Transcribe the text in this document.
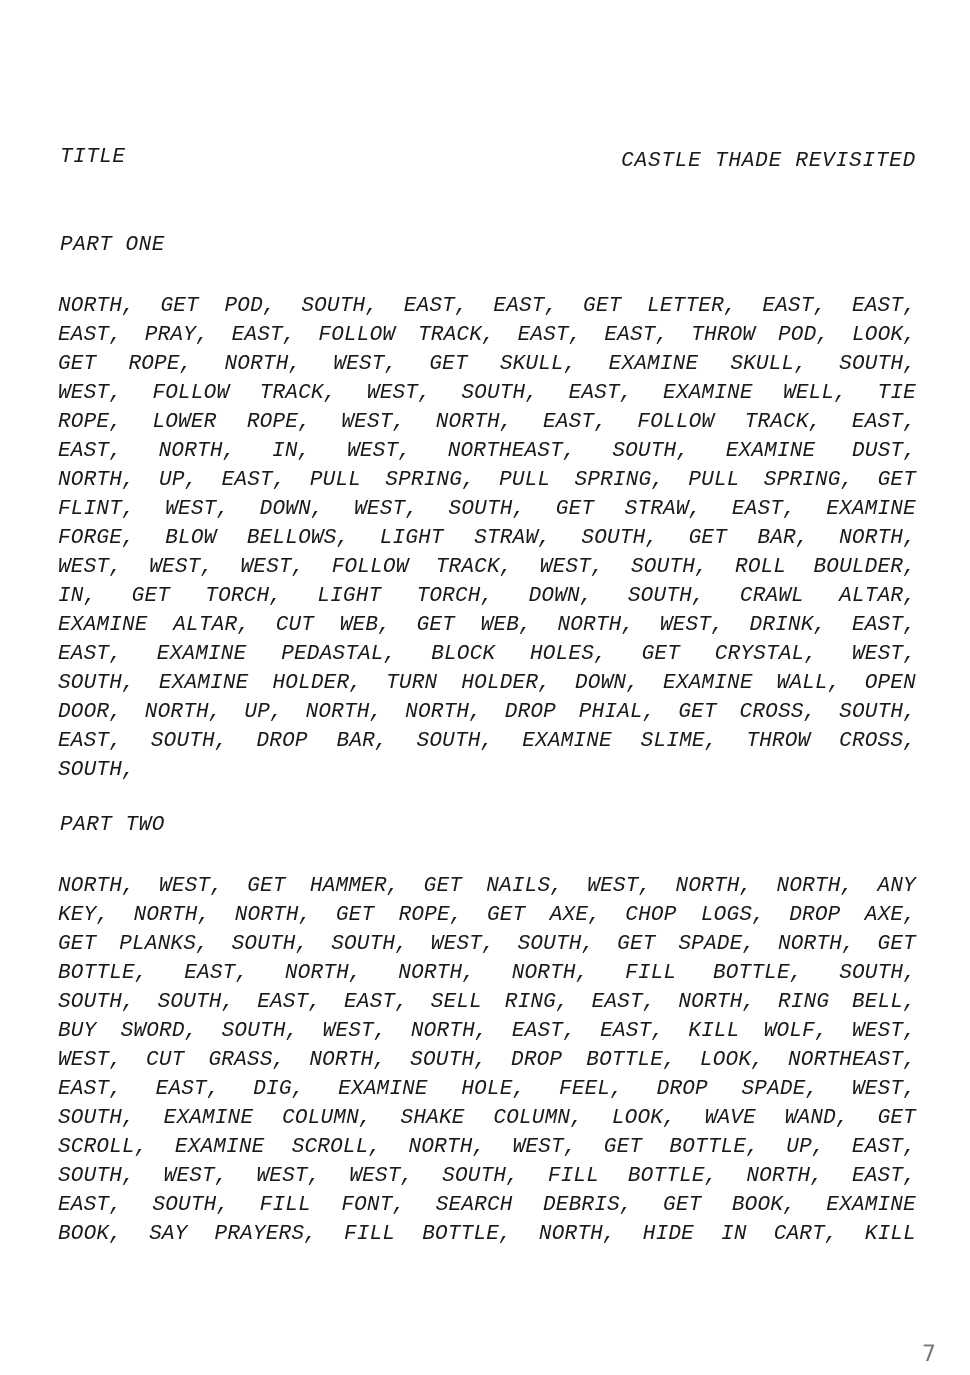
TITLE	CASTLE THADE REVISITED
PART ONE
NORTH, GET POD, SOUTH, EAST, EAST, GET LETTER, EAST, EAST,
EAST, PRAY, EAST, FOLLOW TRACK, EAST, EAST, THROW POD, LOOK,
GET ROPE, NORTH, WEST, GET SKULL, EXAMINE SKULL, SOUTH,
WEST, FOLLOW TRACK, WEST, SOUTH, EAST, EXAMINE WELL, TIE
ROPE, LOWER ROPE, WEST, NORTH, EAST, FOLLOW TRACK, EAST,
EAST, NORTH, IN, WEST, NORTHEAST, SOUTH, EXAMINE DUST,
NORTH, UP, EAST, PULL SPRING, PULL SPRING, PULL SPRING, GET
FLINT, WEST, DOWN, WEST, SOUTH, GET STRAW, EAST, EXAMINE
FORGE, BLOW BELLOWS, LIGHT STRAW, SOUTH, GET BAR, NORTH,
WEST, WEST, WEST, FOLLOW TRACK, WEST, SOUTH, ROLL BOULDER,
IN, GET TORCH, LIGHT TORCH, DOWN, SOUTH, CRAWL ALTAR,
EXAMINE ALTAR, CUT WEB, GET WEB, NORTH, WEST, DRINK, EAST,
EAST, EXAMINE PEDASTAL, BLOCK HOLES, GET CRYSTAL, WEST,
SOUTH, EXAMINE HOLDER, TURN HOLDER, DOWN, EXAMINE WALL, OPEN
DOOR, NORTH, UP, NORTH, NORTH, DROP PHIAL, GET CROSS, SOUTH,
EAST, SOUTH, DROP BAR, SOUTH, EXAMINE SLIME, THROW CROSS,
SOUTH,
PART TWO
NORTH, WEST, GET HAMMER, GET NAILS, WEST, NORTH, NORTH, ANY
KEY, NORTH, NORTH, GET ROPE, GET AXE, CHOP LOGS, DROP AXE,
GET PLANKS, SOUTH, SOUTH, WEST, SOUTH, GET SPADE, NORTH, GET
BOTTLE, EAST, NORTH, NORTH, NORTH, FILL BOTTLE, SOUTH,
SOUTH, SOUTH, EAST, EAST, SELL RING, EAST, NORTH, RING BELL,
BUY SWORD, SOUTH, WEST, NORTH, EAST, EAST, KILL WOLF, WEST,
WEST, CUT GRASS, NORTH, SOUTH, DROP BOTTLE, LOOK, NORTHEAST,
EAST, EAST, DIG, EXAMINE HOLE, FEEL, DROP SPADE, WEST,
SOUTH, EXAMINE COLUMN, SHAKE COLUMN, LOOK, WAVE WAND, GET
SCROLL, EXAMINE SCROLL, NORTH, WEST, GET BOTTLE, UP, EAST,
SOUTH, WEST, WEST, WEST, SOUTH, FILL BOTTLE, NORTH, EAST,
EAST, SOUTH, FILL FONT, SEARCH DEBRIS, GET BOOK, EXAMINE
BOOK, SAY PRAYERS, FILL BOTTLE, NORTH, HIDE IN CART, KILL
7
